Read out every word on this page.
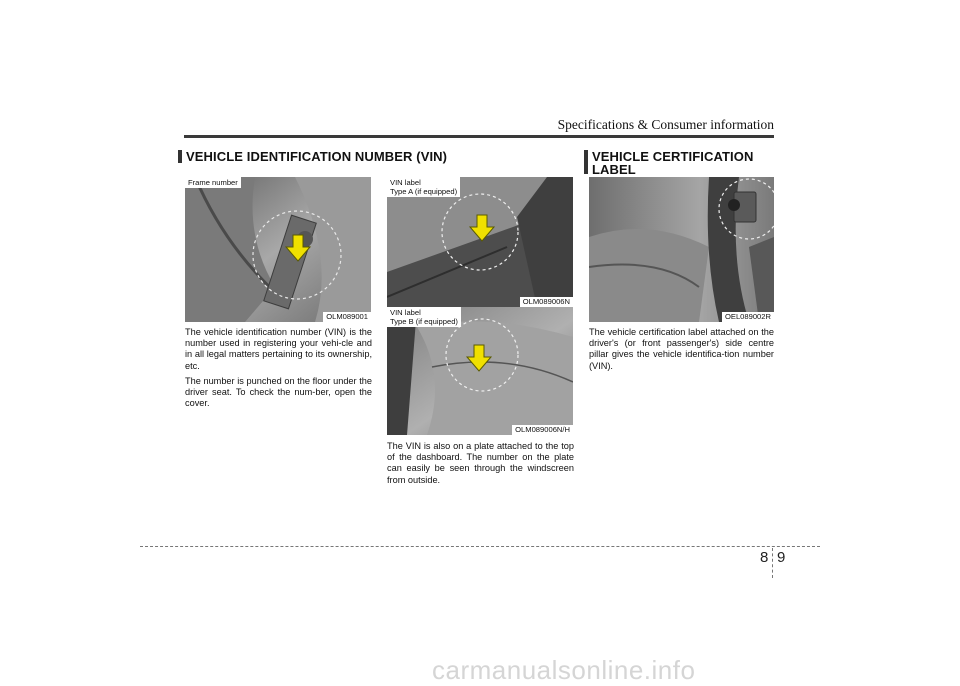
Specifications & Consumer information
VEHICLE IDENTIFICATION NUMBER (VIN)
Frame number
OLM089001

The vehicle identification number (VIN) is the number used in registering your vehi-cle and in all legal matters pertaining to its ownership, etc.

The number is punched on the floor under the driver seat. To check the num-ber, open the cover.

VIN label
Type A (if equipped)
OLM089006N
VIN label
Type B (if equipped)
OLM089006N/H

The VIN is also on a plate attached to the top of the dashboard. The number on the plate can easily be seen through the windscreen from outside.

VEHICLE CERTIFICATION
LABEL
OEL089002R

The vehicle certification label attached on the driver's (or front passenger's) side centre pillar gives the vehicle identifica-tion number (VIN).

8 9
carmanualsonline.info
